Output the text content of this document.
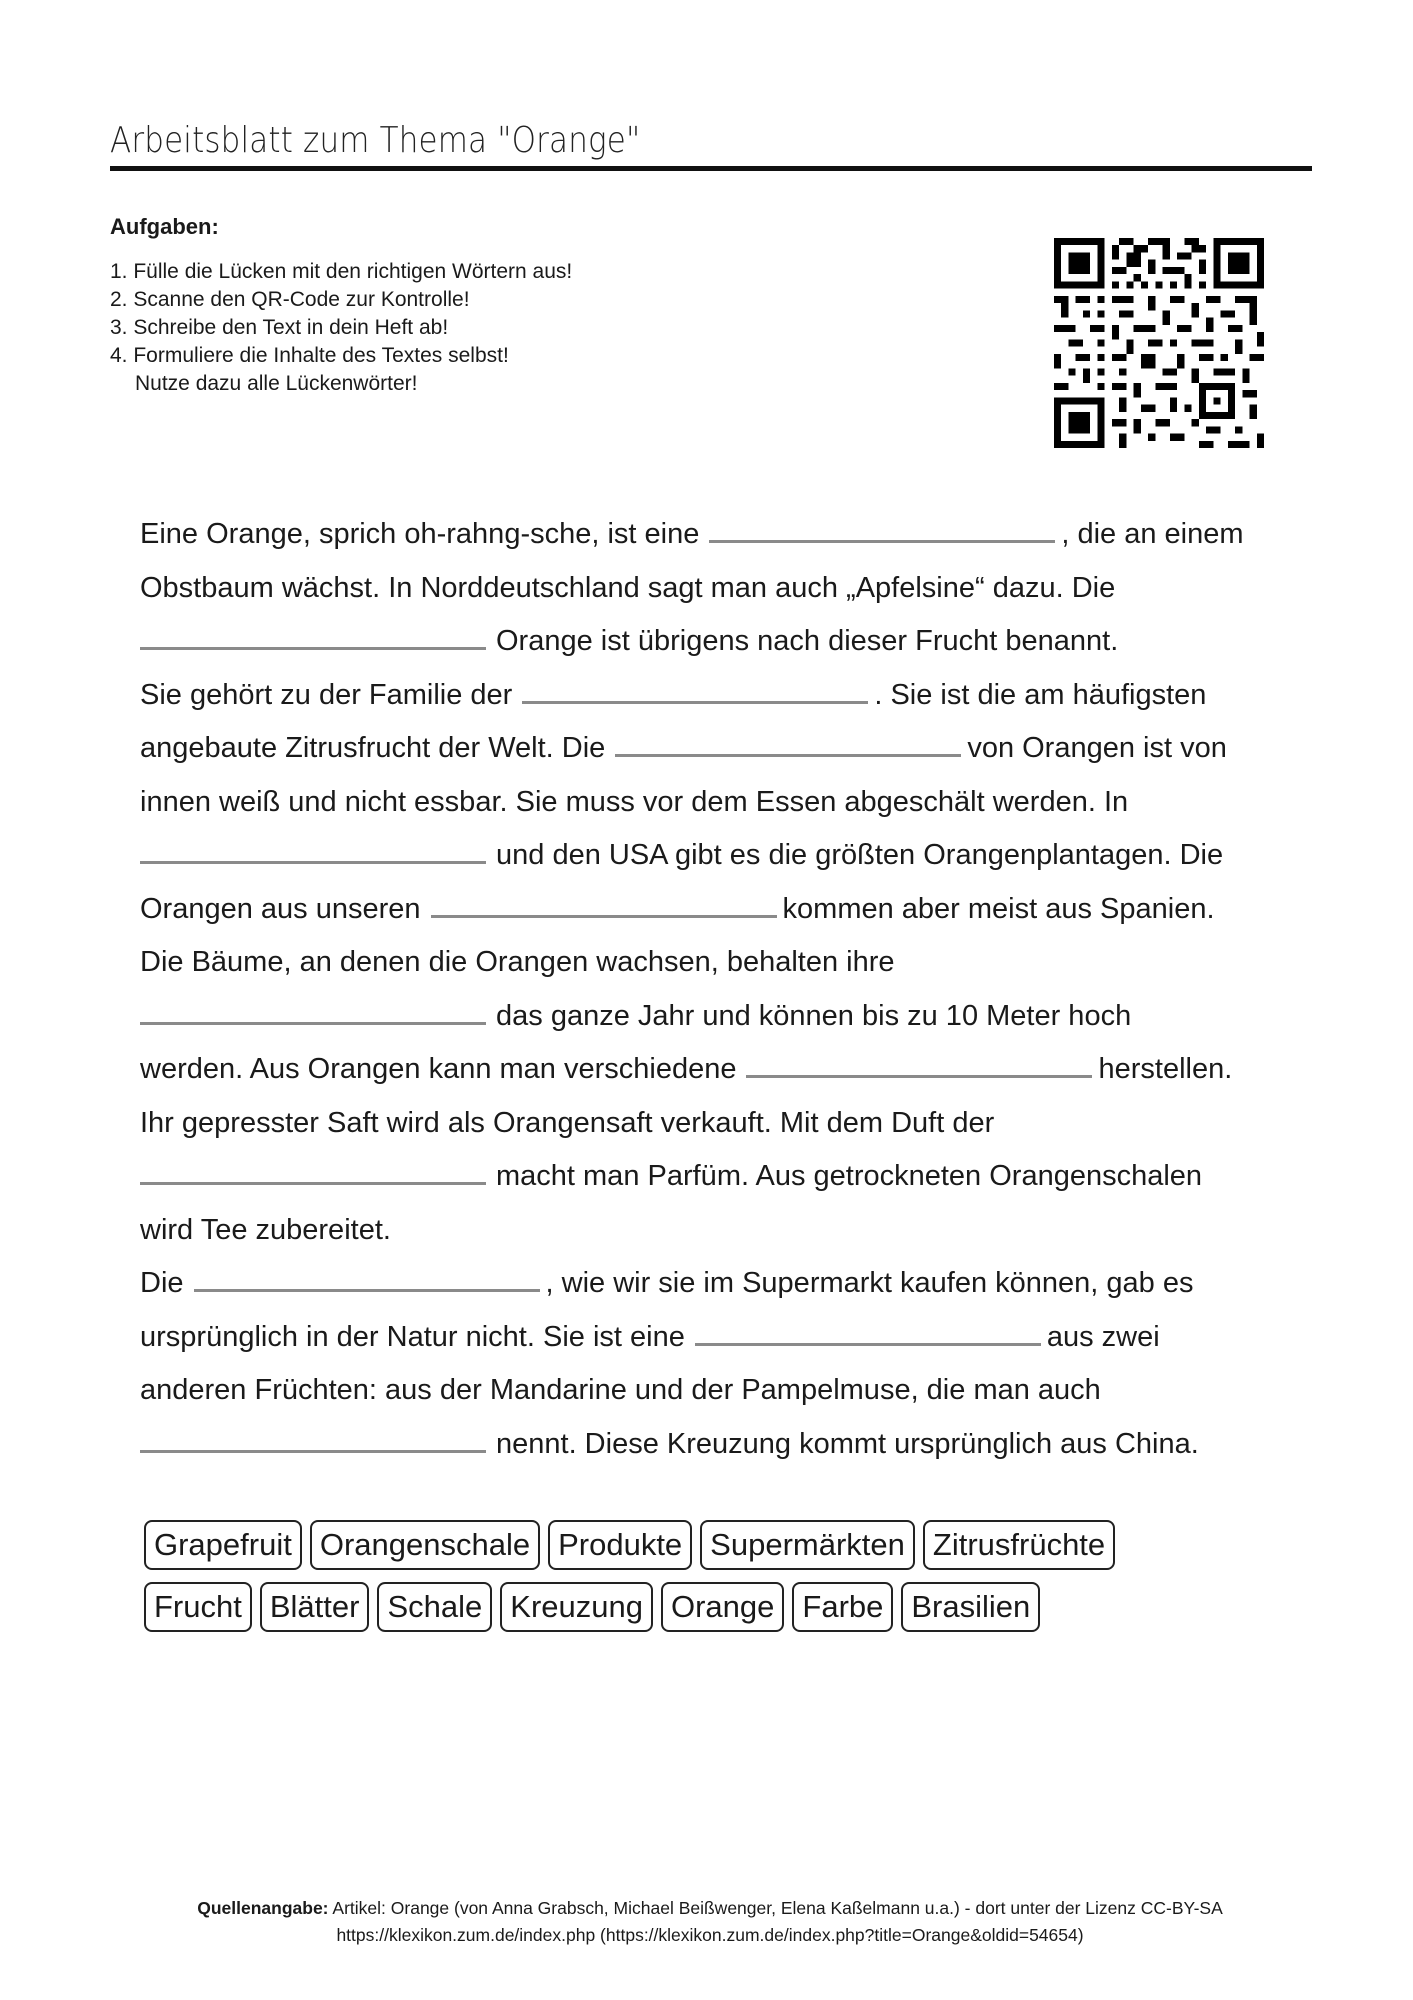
Arbeitsblatt zum Thema "Orange"
Aufgaben:
1. Fülle die Lücken mit den richtigen Wörtern aus!
2. Scanne den QR-Code zur Kontrolle!
3. Schreibe den Text in dein Heft ab!
4. Formuliere die Inhalte des Textes selbst!
Nutze dazu alle Lückenwörter!
Eine Orange, sprich oh-rahng-sche, ist eine	, die an einem
Obstbaum wächst. In Norddeutschland sagt man auch „Apfelsine“ dazu. Die
Orange ist übrigens nach dieser Frucht benannt.
Sie gehört zu der Familie der	. Sie ist die am häufigsten
angebaute Zitrusfrucht der Welt. Die	von Orangen ist von
innen weiß und nicht essbar. Sie muss vor dem Essen abgeschält werden. In
und den USA gibt es die größten Orangenplantagen. Die
Orangen aus unseren	kommen aber meist aus Spanien.
Die Bäume, an denen die Orangen wachsen, behalten ihre
das ganze Jahr und können bis zu 10 Meter hoch
werden. Aus Orangen kann man verschiedene	herstellen.
Ihr gepresster Saft wird als Orangensaft verkauft. Mit dem Duft der
macht man Parfüm. Aus getrockneten Orangenschalen
wird Tee zubereitet.
Die	, wie wir sie im Supermarkt kaufen können, gab es
ursprünglich in der Natur nicht. Sie ist eine	aus zwei
anderen Früchten: aus der Mandarine und der Pampelmuse, die man auch
nennt. Diese Kreuzung kommt ursprünglich aus China.
Grapefruit Orangenschale Produkte Supermärkten Zitrusfrüchte
Frucht Blätter Schale Kreuzung Orange Farbe Brasilien
Quellenangabe: Artikel: Orange (von Anna Grabsch, Michael Beißwenger, Elena Kaßelmann u.a.) - dort unter der Lizenz CC-BY-SA
https://klexikon.zum.de/index.php (https://klexikon.zum.de/index.php?title=Orange&oldid=54654)
